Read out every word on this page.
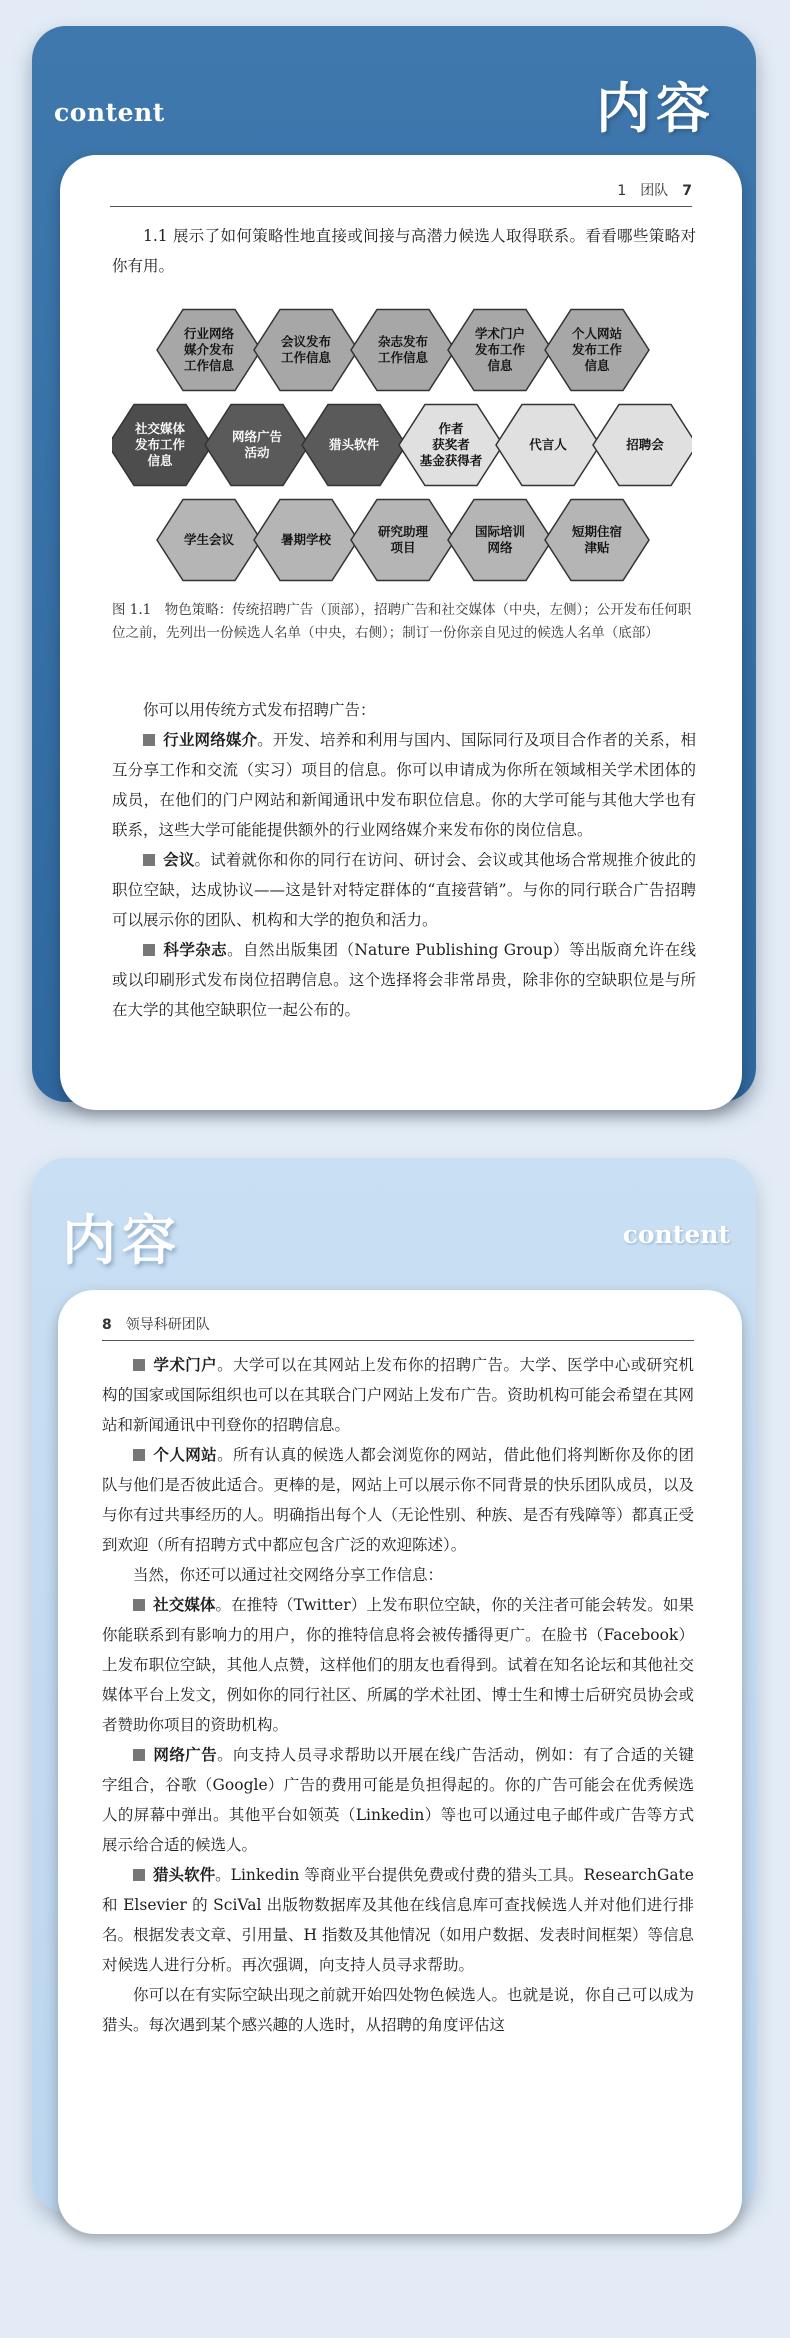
content	内容
1　团队 7

1.1 展示了如何策略性地直接或间接与高潜力候选人取得联系。看看哪些策略对你有用。

行业网络
媒介发布
工作信息
会议发布
工作信息
杂志发布
工作信息
学术门户
发布工作
信息
个人网站
发布工作
信息
社交媒体
发布工作
信息
网络广告
活动
猎头软件
作者
获奖者
基金获得者
代言人	招聘会
学生会议	暑期学校
研究助理
项目
国际培训
网络
短期住宿
津贴
图 1.1　物色策略：传统招聘广告（顶部），招聘广告和社交媒体（中央，左侧）；公开发布任何职位之前，先列出一份候选人名单（中央，右侧）；制订一份你亲自见过的候选人名单（底部）

你可以用传统方式发布招聘广告：

行业网络媒介。开发、培养和利用与国内、国际同行及项目合作者的关系，相互分享工作和交流（实习）项目的信息。你可以申请成为你所在领域相关学术团体的成员，在他们的门户网站和新闻通讯中发布职位信息。你的大学可能与其他大学也有联系，这些大学可能能提供额外的行业网络媒介来发布你的岗位信息。

会议。试着就你和你的同行在访问、研讨会、会议或其他场合常规推介彼此的职位空缺，达成协议——这是针对特定群体的“直接营销”。与你的同行联合广告招聘可以展示你的团队、机构和大学的抱负和活力。

科学杂志。自然出版集团（Nature Publishing Group）等出版商允许在线或以印刷形式发布岗位招聘信息。这个选择将会非常昂贵，除非你的空缺职位是与所在大学的其他空缺职位一起公布的。

内容	content
8 领导科研团队

学术门户。大学可以在其网站上发布你的招聘广告。大学、医学中心或研究机构的国家或国际组织也可以在其联合门户网站上发布广告。资助机构可能会希望在其网站和新闻通讯中刊登你的招聘信息。

个人网站。所有认真的候选人都会浏览你的网站，借此他们将判断你及你的团队与他们是否彼此适合。更棒的是，网站上可以展示你不同背景的快乐团队成员，以及与你有过共事经历的人。明确指出每个人（无论性别、种族、是否有残障等）都真正受到欢迎（所有招聘方式中都应包含广泛的欢迎陈述）。

当然，你还可以通过社交网络分享工作信息：

社交媒体。在推特（Twitter）上发布职位空缺，你的关注者可能会转发。如果你能联系到有影响力的用户，你的推特信息将会被传播得更广。在脸书（Facebook）上发布职位空缺，其他人点赞，这样他们的朋友也看得到。试着在知名论坛和其他社交媒体平台上发文，例如你的同行社区、所属的学术社团、博士生和博士后研究员协会或者赞助你项目的资助机构。

网络广告。向支持人员寻求帮助以开展在线广告活动，例如：有了合适的关键字组合，谷歌（Google）广告的费用可能是负担得起的。你的广告可能会在优秀候选人的屏幕中弹出。其他平台如领英（Linkedin）等也可以通过电子邮件或广告等方式展示给合适的候选人。

猎头软件。Linkedin 等商业平台提供免费或付费的猎头工具。ResearchGate 和 Elsevier 的 SciVal 出版物数据库及其他在线信息库可查找候选人并对他们进行排名。根据发表文章、引用量、H 指数及其他情况（如用户数据、发表时间框架）等信息对候选人进行分析。再次强调，向支持人员寻求帮助。

你可以在有实际空缺出现之前就开始四处物色候选人。也就是说，你自己可以成为猎头。每次遇到某个感兴趣的人选时，从招聘的角度评估这
